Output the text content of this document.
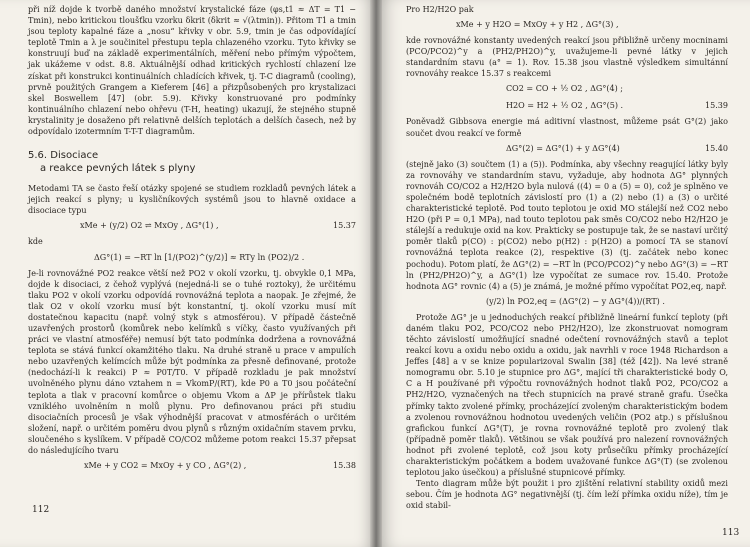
při níž dojde k tvorbě daného množství krystalické fáze (φs,t1 ≈ ΔT = T1 − Tmin), nebo kritickou tloušťku vzorku δkrit (δkrit ≈ √(λtmin)). Přitom T1 a tmin jsou teploty kapalné fáze a „nosu“ křivky v obr. 5.9, tmin je čas odpovídající teplotě Tmin a λ je součinitel přestupu tepla chlazeného vzorku. Tyto křivky se konstruují buď na základě experimentálních, měření nebo přímým výpočtem, jak ukážeme v odst. 8.8. Aktuálnější odhad kritických rychlostí chlazení lze získat při konstrukci kontinuálních chladících křivek, tj. T-C diagramů (cooling), prvně použitých Grangem a Kieferem [46] a přizpůsobených pro krystalizaci skel Boswellem [47] (obr. 5.9). Křivky konstruované pro podmínky kontinuálního chlazení nebo ohřevu (T-H, heating) ukazují, že stejného stupně krystalinity je dosaženo při relativně delších teplotách a delších časech, než by odpovídalo izotermním T-T-T diagramům.

5.6. Disociace
a reakce pevných látek s plyny

Metodami TA se často řeší otázky spojené se studiem rozkladů pevných látek a jejich reakcí s plyny; u kysličníkových systémů jsou to hlavně oxidace a disociace typu

xMe + (y/2) O2 ⇌ MxOy , ΔG°(1) ,	15.37

kde

ΔG°(1) = −RT ln [1/(PO2)^(y/2)] ≈ RTy ln (PO2)/2 .

Je-li rovnovážné PO2 reakce větší než PO2 v okolí vzorku, tj. obvykle 0,1 MPa, dojde k disociaci, z čehož vyplývá (nejedná-li se o tuhé roztoky), že určitému tlaku PO2 v okolí vzorku odpovídá rovnovážná teplota a naopak. Je zřejmé, že tlak O2 v okolí vzorku musí být konstantní, tj. okolí vzorku musí mít dostatečnou kapacitu (např. volný styk s atmosférou). V případě částečně uzavřených prostorů (komůrek nebo kelímků s víčky, často využívaných při práci ve vlastní atmosféře) nemusí být tato podmínka dodržena a rovnovážná teplota se stává funkcí okamžitého tlaku. Na druhé straně u prace v ampulích nebo uzavřených kelímcích může být podmínka za přesně definované, protože (nedochází-li k reakci) P ≈ P0T/T0. V případě rozkladu je pak množství uvolněného plynu dáno vztahem n = VkomP/(RT), kde P0 a T0 jsou počáteční teplota a tlak v pracovní komůrce o objemu Vkom a ΔP je přírůstek tlaku vzniklého uvolněním n molů plynu. Pro definovanou práci při studiu disociačních procesů je však výhodnější pracovat v atmosférách o určitém složení, např. o určitém poměru dvou plynů s různým oxidačním stavem prvku, sloučeného s kyslíkem. V případě CO/CO2 můžeme potom reakci 15.37 přepsat do následujícího tvaru

xMe + y CO2 = MxOy + y CO , ΔG°(2) ,	15.38
112

Pro H2/H2O pak

xMe + y H2O = MxOy + y H2 , ΔG°(3) ,

kde rovnovážné konstanty uvedených reakcí jsou přibližně určeny mocninami (PCO/PCO2)^y a (PH2/PH2O)^y, uvažujeme-li pevné látky v jejich standardním stavu (a° = 1). Rov. 15.38 jsou vlastně výsledkem simultánní rovnováhy reakce 15.37 s reakcemi

CO2 = CO + ½ O2 , ΔG°(4) ;
H2O = H2 + ½ O2 , ΔG°(5) .	15.39

Poněvadž Gibbsova energie má aditivní vlastnost, můžeme psát G°(2) jako součet dvou reakcí ve formě

ΔG°(2) = ΔG°(1) + y ΔG°(4)	15.40

(stejně jako (3) součtem (1) a (5)). Podmínka, aby všechny reagující látky byly za rovnováhy ve standardním stavu, vyžaduje, aby hodnota ΔG° plynných rovnováh CO/CO2 a H2/H2O byla nulová ((4) = 0 a (5) = 0), což je splněno ve společném bodě teplotních závislostí pro (1) a (2) nebo (1) a (3) o určité charakteristické teplotě. Pod touto teplotou je oxid MO stálejší než CO2 nebo H2O (při P = 0,1 MPa), nad touto teplotou pak směs CO/CO2 nebo H2/H2O je stálejší a redukuje oxid na kov. Prakticky se postupuje tak, že se nastaví určitý poměr tlaků p(CO) : p(CO2) nebo p(H2) : p(H2O) a pomocí TA se stanoví rovnovážná teplota reakce (2), respektive (3) (tj. začátek nebo konec pochodu). Potom platí, že ΔG°(2) = −RT ln (PCO/PCO2)^y nebo ΔG°(3) = −RT ln (PH2/PH2O)^y, a ΔG°(1) lze vypočítat ze sumace rov. 15.40. Protože hodnota ΔG° rovnic (4) a (5) je známá, je možné přímo vypočítat PO2,eq, např.

(y/2) ln PO2,eq = (ΔG°(2) − y ΔG°(4))/(RT) .

Protože ΔG° je u jednoduchých reakcí přibližně lineární funkcí teploty (při daném tlaku PO2, PCO/CO2 nebo PH2/H2O), lze zkonstruovat nomogram těchto závislostí umožňující snadné odečtení rovnovážných stavů a teplot reakcí kovu a oxidu nebo oxidu a oxidu, jak navrhli v roce 1948 Richardson a Jeffes [48] a v se knize popularizoval Swalin [38] (též [42]). Na levé straně nomogramu obr. 5.10 je stupnice pro ΔG°, mající tři charakteristické body O, C a H používané při výpočtu rovnovážných hodnot tlaků PO2, PCO/CO2 a PH2/H2O, vyznačených na třech stupnicích na pravé straně grafu. Úsečka přímky takto zvolené přímky, procházející zvoleným charakteristickým bodem a zvolenou rovnovážnou hodnotou uvedených veličin (PO2 atp.) s příslušnou grafickou funkcí ΔG°(T), je rovna rovnovážné teplotě pro zvolený tlak (případně poměr tlaků). Většinou se však používá pro nalezení rovnovážných hodnot při zvolené teplotě, což jsou koty průsečíku přímky procházející charakteristickým počátkem a bodem uvažované funkce ΔG°(T) (se zvolenou teplotou jako úsečkou) a příslušné stupnicové přímky.

Tento diagram může být použit i pro zjištění relativní stability oxidů mezi sebou. Čím je hodnota ΔG° negativnější (tj. čím leží přímka oxidu níže), tím je oxid stabil-

113
